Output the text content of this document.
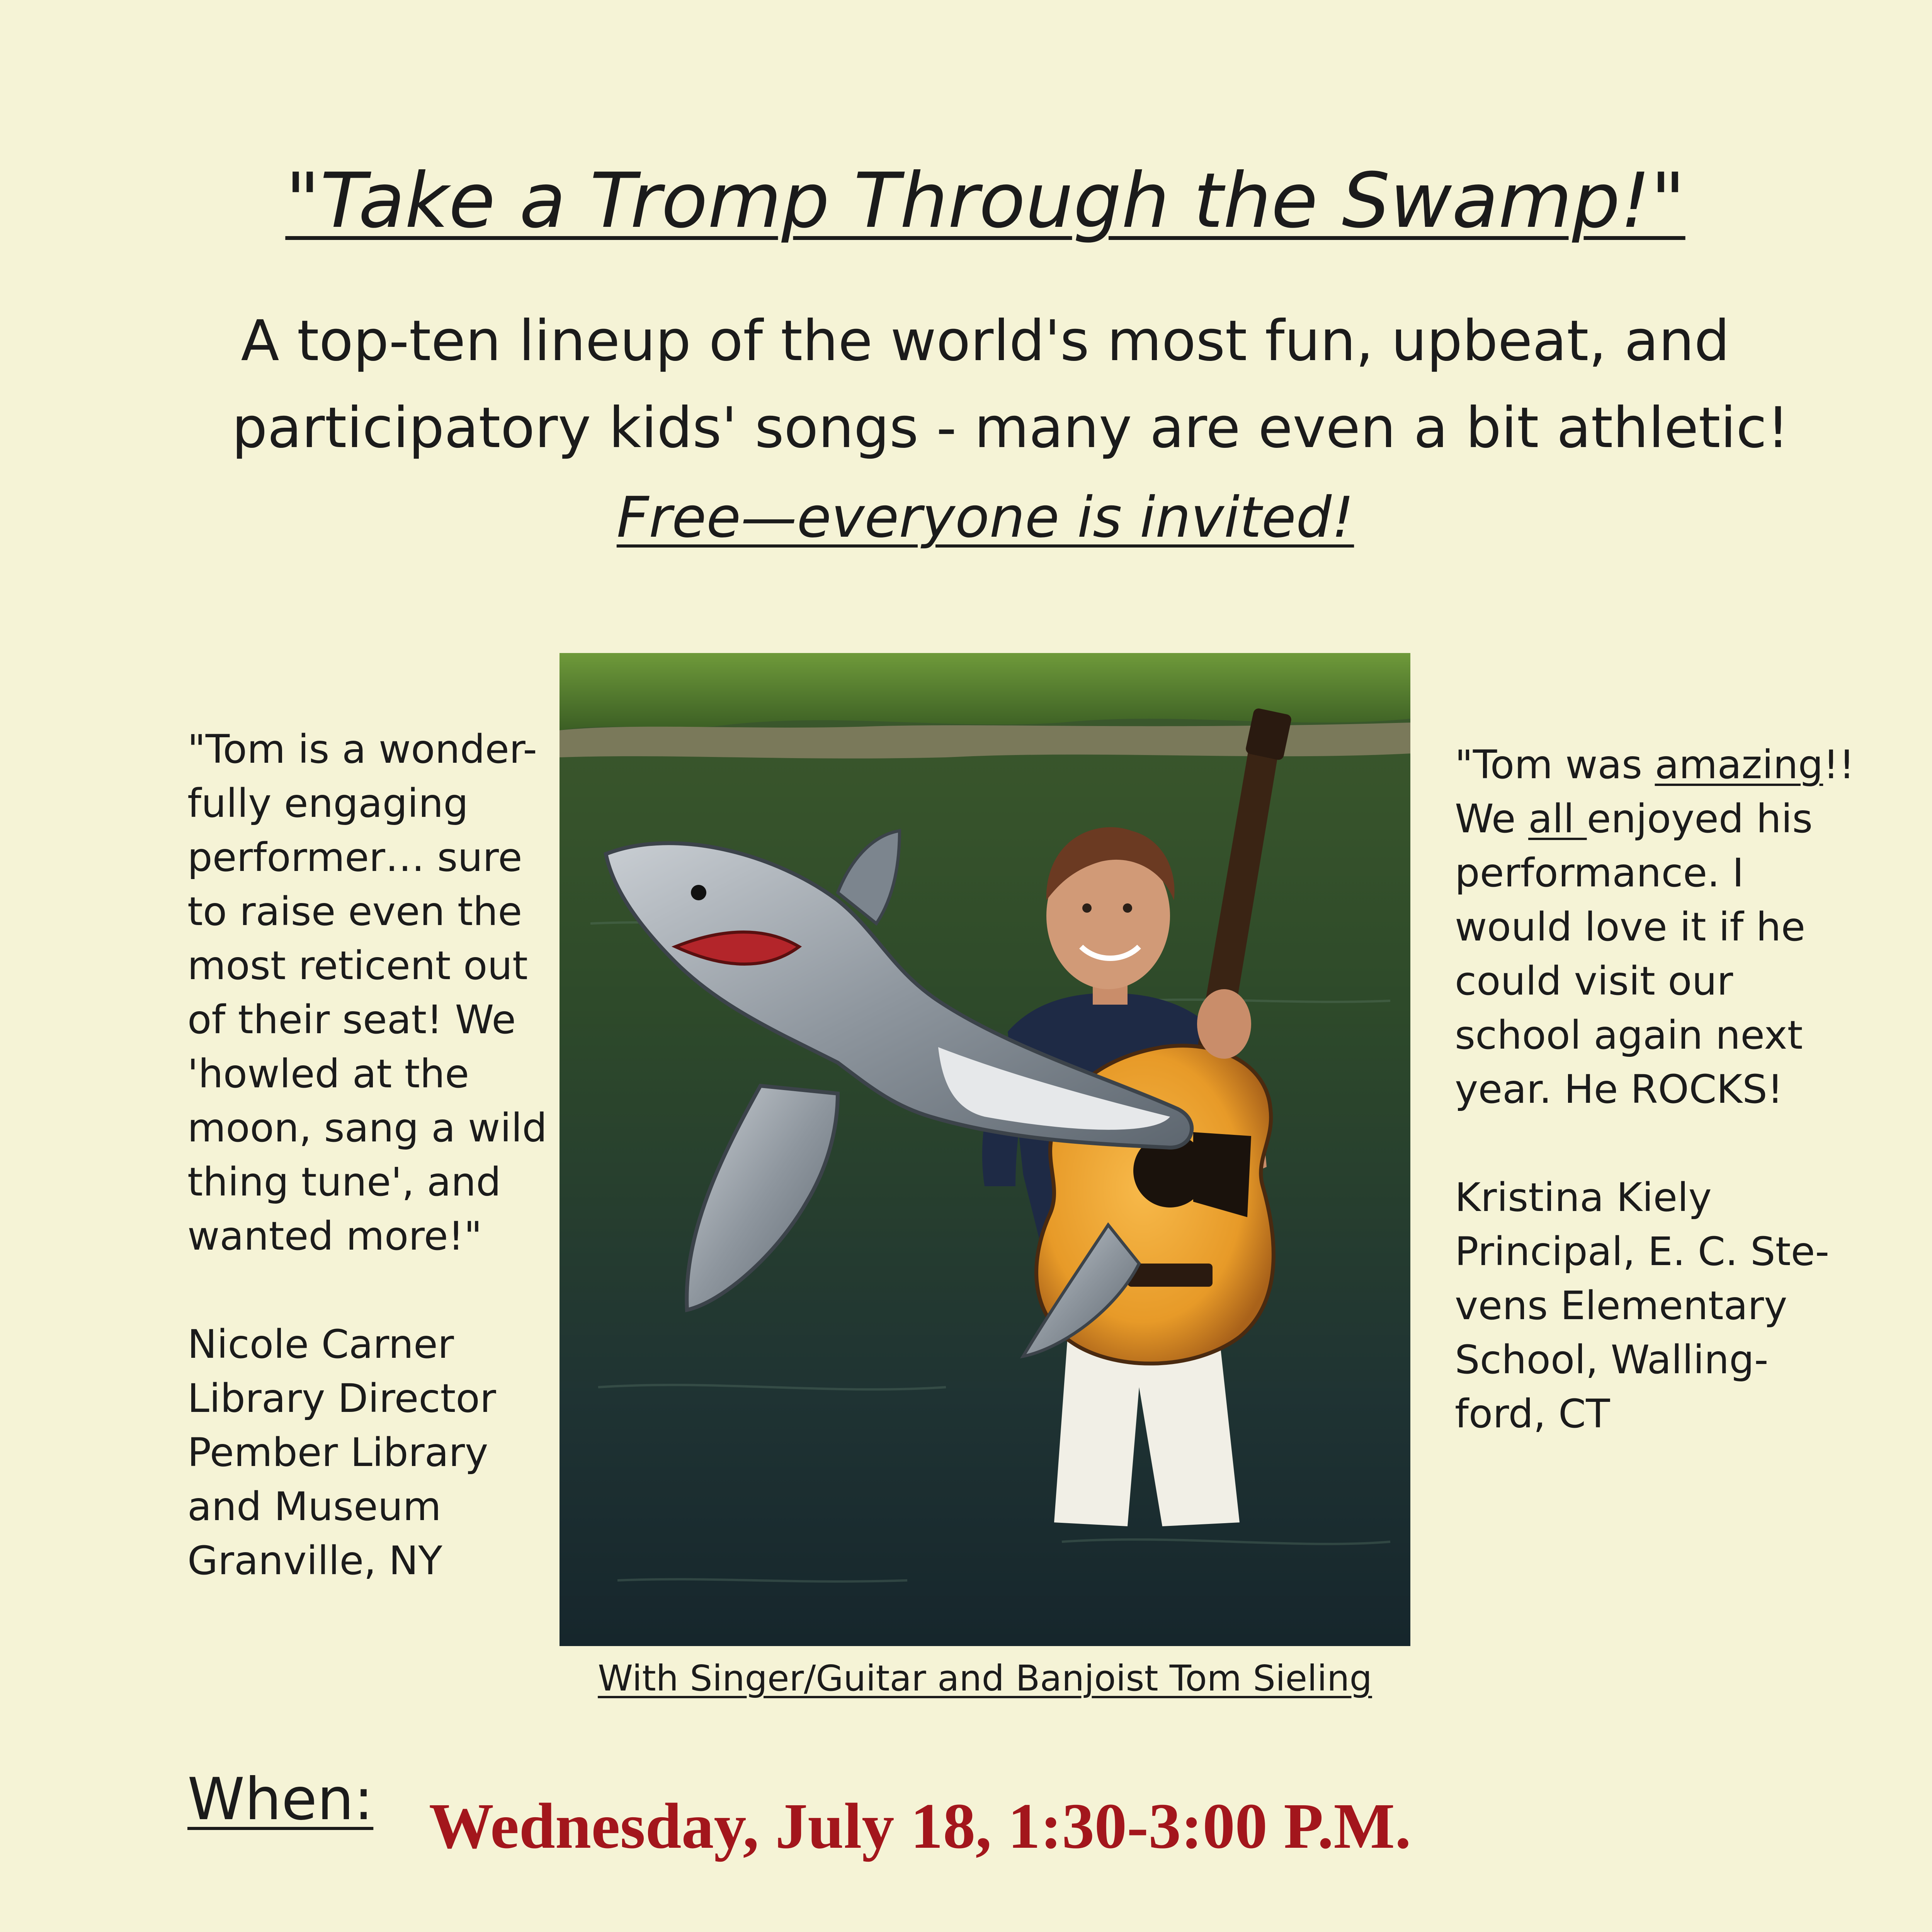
"Take a Tromp Through the Swamp!"
A top-ten lineup of the world's most fun, upbeat, and
participatory kids' songs - many are even a bit athletic!
Free—everyone is invited!
"Tom is a wonder-
fully engaging
performer… sure
to raise even the
most reticent out
of their seat! We
'howled at the
moon, sang a wild
thing tune', and
wanted more!"
Nicole Carner
Library Director
Pember Library
and Museum
Granville, NY
With Singer/Guitar and Banjoist Tom Sieling
"Tom was amazing!!
We all enjoyed his
performance. I
would love it if he
could visit our
school again next
year. He ROCKS!
Kristina Kiely
Principal, E. C. Ste-
vens Elementary
School, Walling-
ford, CT
When: Wednesday, July 18, 1:30-3:00 P.M.
